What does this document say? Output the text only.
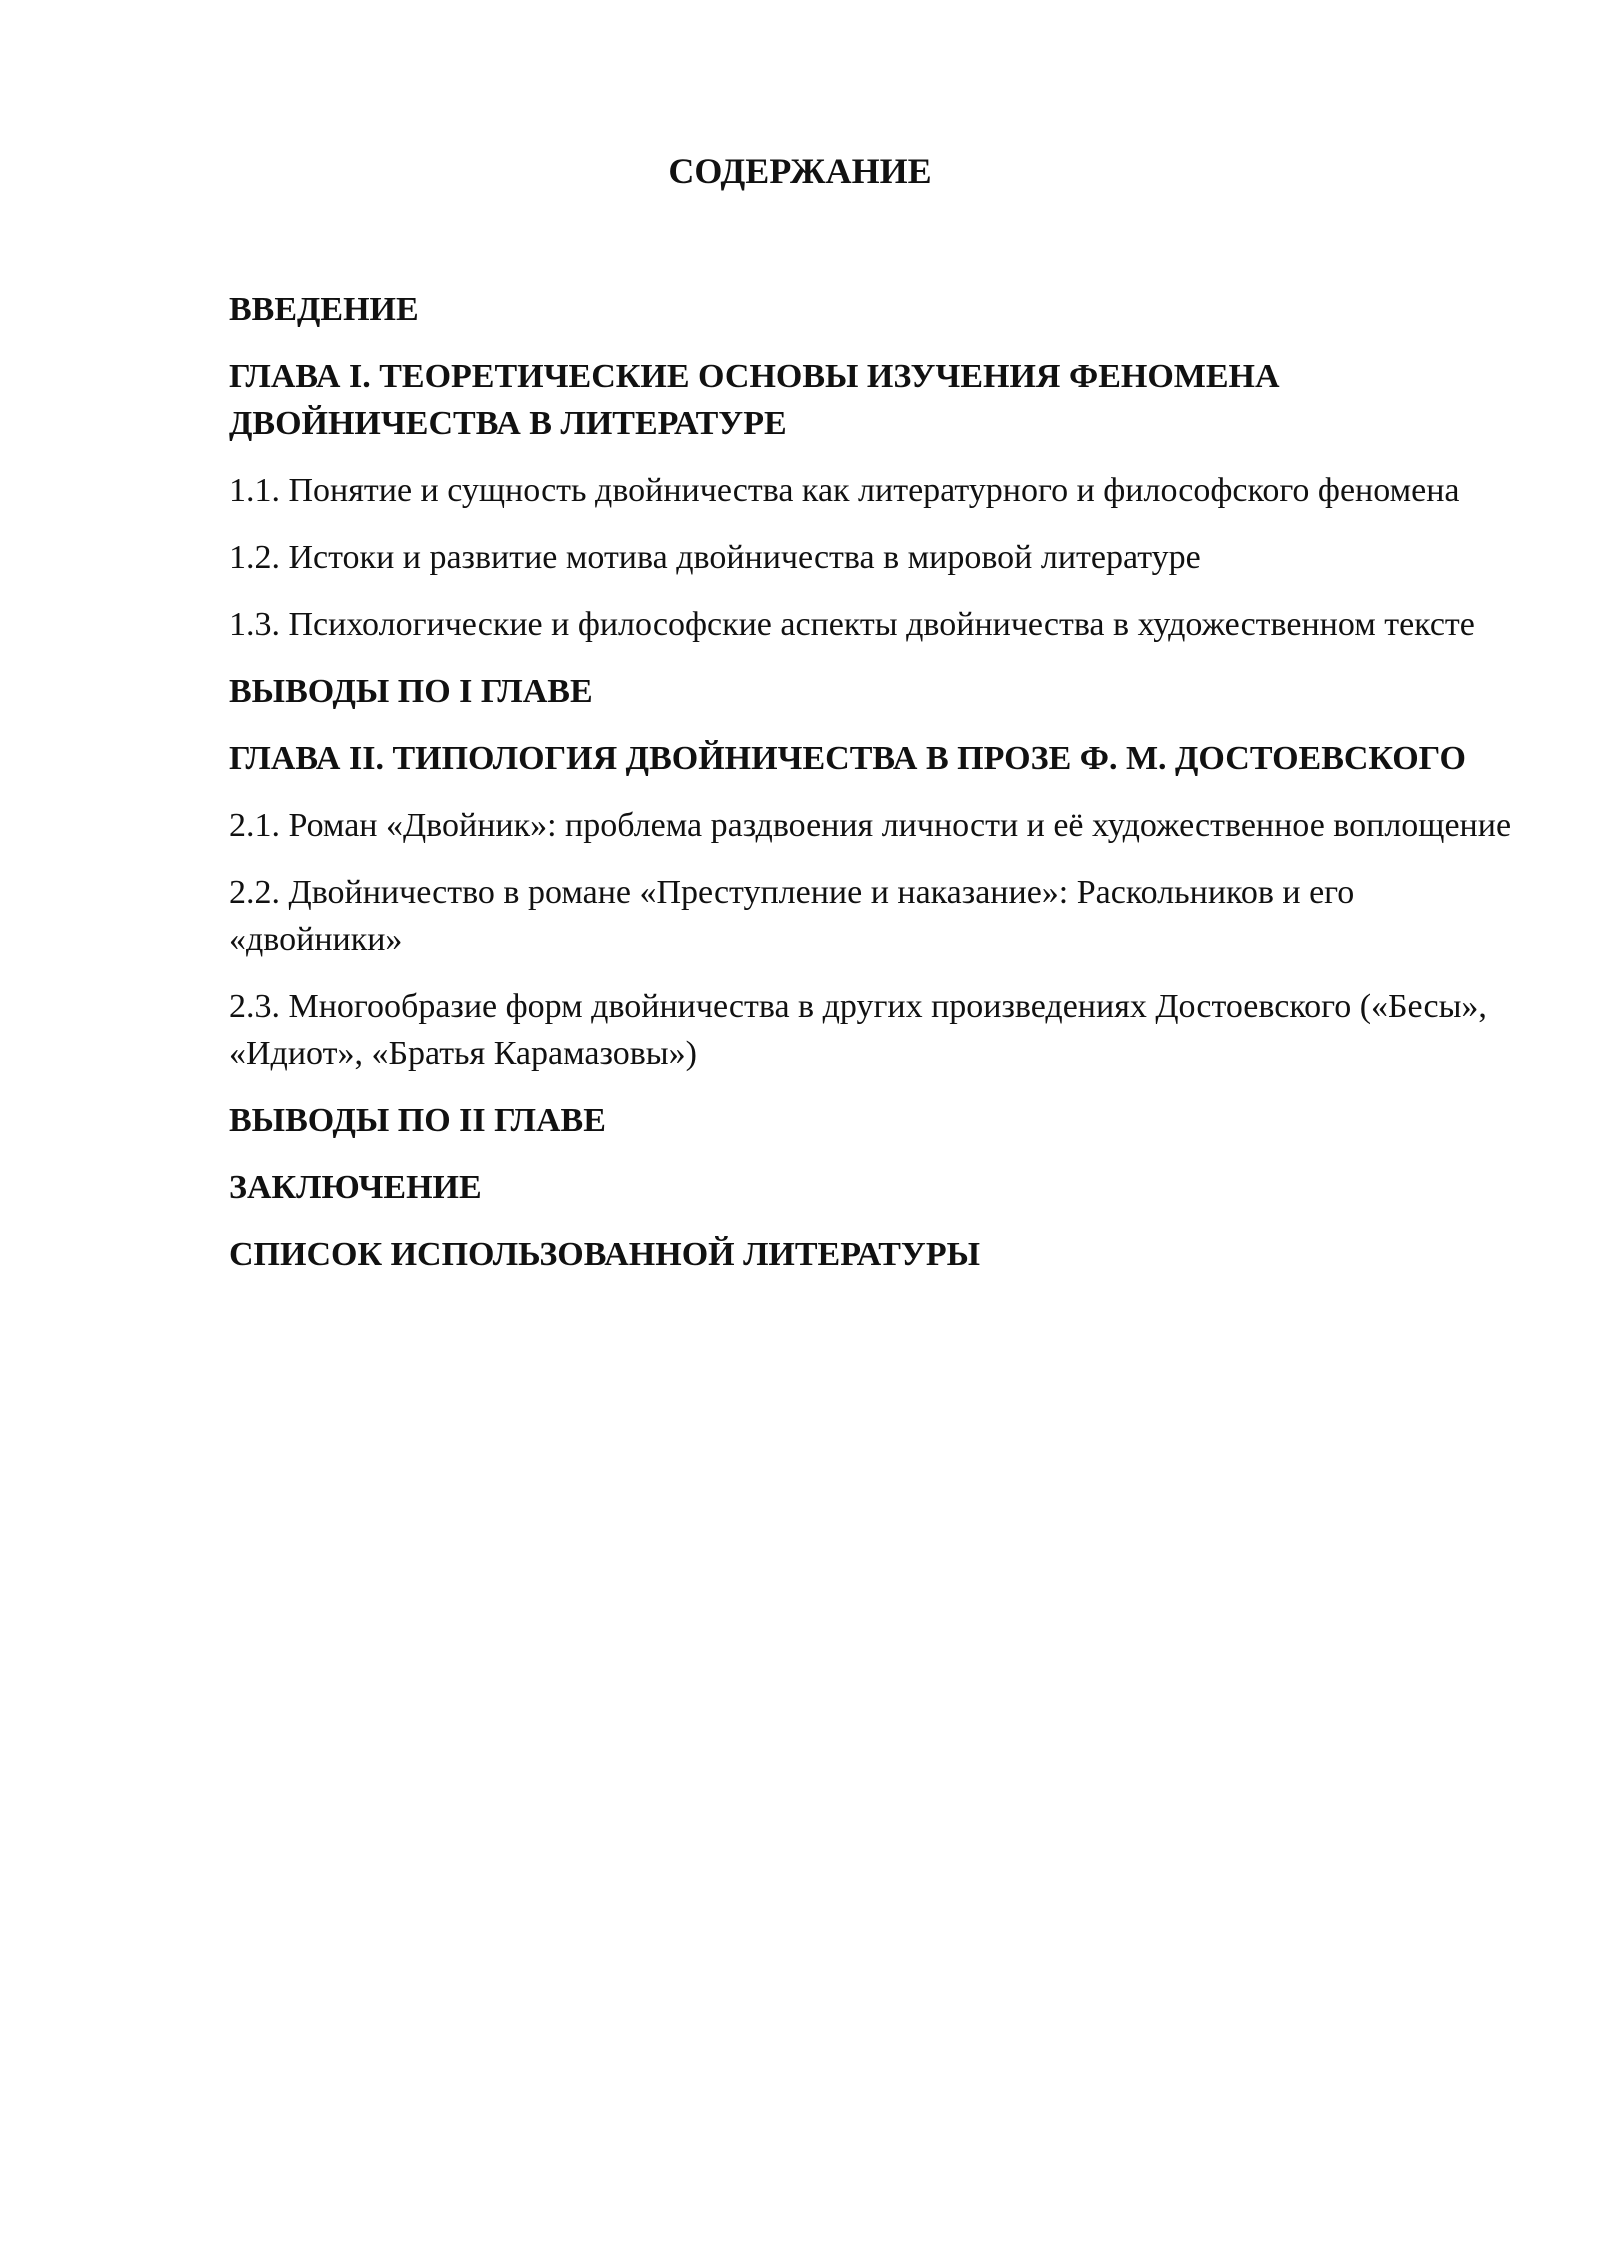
СОДЕРЖАНИЕ
ВВЕДЕНИЕ
ГЛАВА I. ТЕОРЕТИЧЕСКИЕ ОСНОВЫ ИЗУЧЕНИЯ ФЕНОМЕНА ДВОЙНИЧЕСТВА В ЛИТЕРАТУРЕ
1.1. Понятие и сущность двойничества как литературного и философского феномена
1.2. Истоки и развитие мотива двойничества в мировой литературе
1.3. Психологические и философские аспекты двойничества в художественном тексте
ВЫВОДЫ ПО I ГЛАВЕ
ГЛАВА II. ТИПОЛОГИЯ ДВОЙНИЧЕСТВА В ПРОЗЕ Ф. М. ДОСТОЕВСКОГО
2.1. Роман «Двойник»: проблема раздвоения личности и её художественное воплощение
2.2. Двойничество в романе «Преступление и наказание»: Раскольников и его «двойники»
2.3. Многообразие форм двойничества в других произведениях Достоевского («Бесы», «Идиот», «Братья Карамазовы»)
ВЫВОДЫ ПО II ГЛАВЕ
ЗАКЛЮЧЕНИЕ
СПИСОК ИСПОЛЬЗОВАННОЙ ЛИТЕРАТУРЫ
